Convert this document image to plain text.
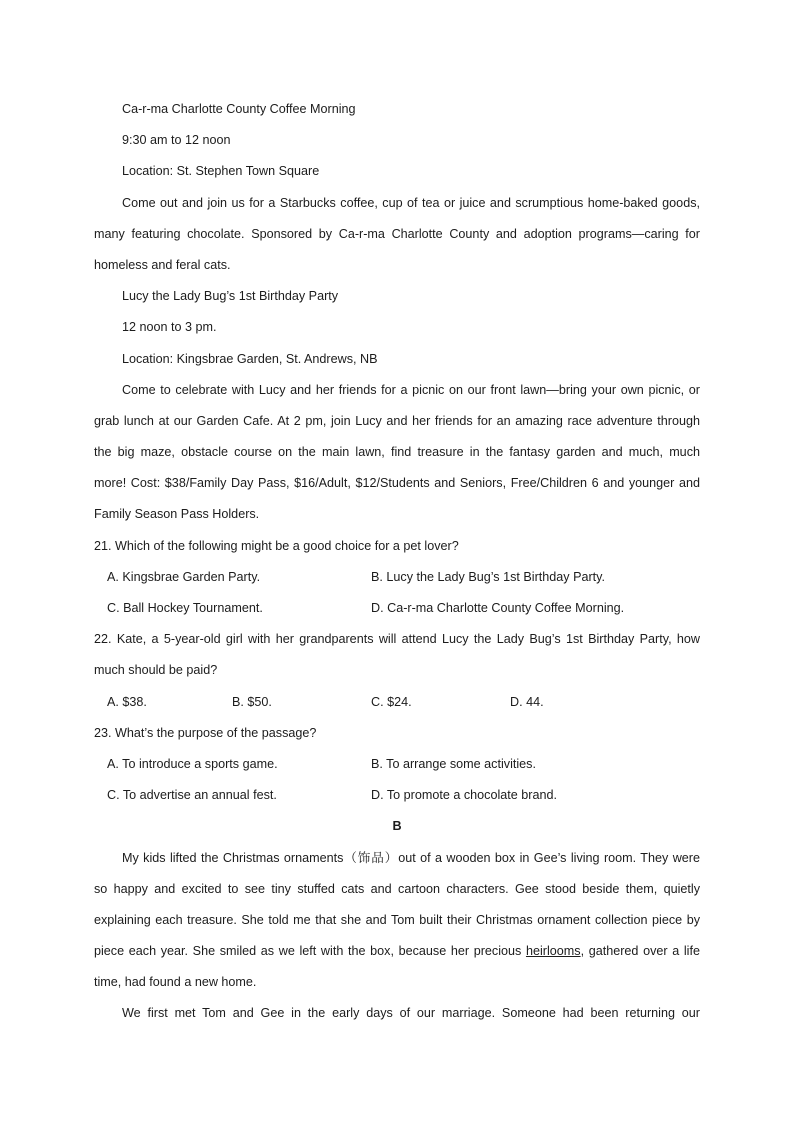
Ca-r-ma Charlotte County Coffee Morning
9:30 am to 12 noon
Location: St. Stephen Town Square
Come out and join us for a Starbucks coffee, cup of tea or juice and scrumptious home-baked goods,
many featuring chocolate. Sponsored by Ca-r-ma Charlotte County and adoption programs—caring for
homeless and feral cats.
Lucy the Lady Bug’s 1st Birthday Party
12 noon to 3 pm.
Location: Kingsbrae Garden, St. Andrews, NB
Come to celebrate with Lucy and her friends for a picnic on our front lawn—bring your own picnic, or
grab lunch at our Garden Cafe. At 2 pm, join Lucy and her friends for an amazing race adventure through
the big maze, obstacle course on the main lawn, find treasure in the fantasy garden and much, much
more! Cost: $38/Family Day Pass, $16/Adult, $12/Students and Seniors, Free/Children 6 and younger and
Family Season Pass Holders.
21. Which of the following might be a good choice for a pet lover?
A. Kingsbrae Garden Party.	B. Lucy the Lady Bug’s 1st Birthday Party.
C. Ball Hockey Tournament.	D. Ca-r-ma Charlotte County Coffee Morning.
22. Kate, a 5-year-old girl with her grandparents will attend Lucy the Lady Bug’s 1st Birthday Party, how
much should be paid?
A. $38.	B. $50.	C. $24.	D. 44.
23. What’s the purpose of the passage?
A. To introduce a sports game.	B. To arrange some activities.
C. To advertise an annual fest.	D. To promote a chocolate brand.
B
My kids lifted the Christmas ornaments（饰品）out of a wooden box in Gee’s living room. They were
so happy and excited to see tiny stuffed cats and cartoon characters. Gee stood beside them, quietly
explaining each treasure. She told me that she and Tom built their Christmas ornament collection piece by
piece each year. She smiled as we left with the box, because her precious heirlooms, gathered over a life
time, had found a new home.
We first met Tom and Gee in the early days of our marriage. Someone had been returning our
